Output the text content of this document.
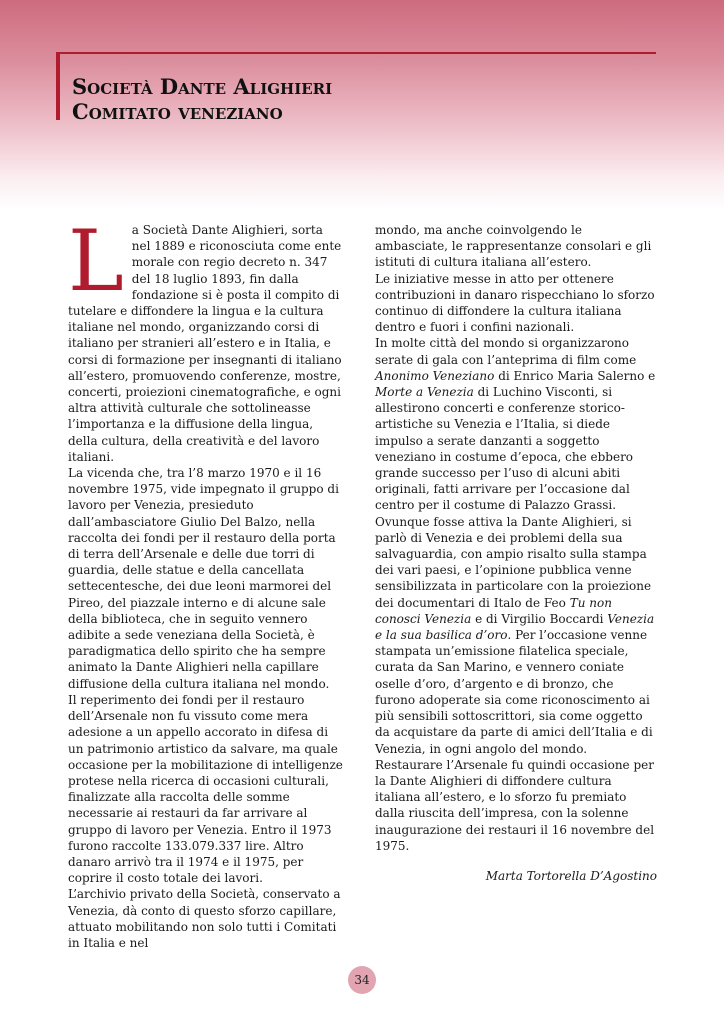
Società Dante Alighieri
Comitato veneziano

La Società Dante Alighieri, sorta nel 1889 e riconosciuta come ente morale con regio decreto n. 347 del 18 luglio 1893, fin dalla fondazione si è posta il compito di tutelare e diffondere la lingua e la cultura italiane nel mondo, organizzando corsi di italiano per stranieri all’estero e in Italia, e corsi di formazione per insegnanti di italiano all’estero, promuovendo conferenze, mostre, concerti, proiezioni cinematografiche, e ogni altra attività culturale che sottolineasse l’importanza e la diffusione della lingua, della cultura, della creatività e del lavoro italiani.

La vicenda che, tra l’8 marzo 1970 e il 16 novembre 1975, vide impegnato il gruppo di lavoro per Venezia, presieduto dall’ambasciatore Giulio Del Balzo, nella raccolta dei fondi per il restauro della porta di terra dell’Arsenale e delle due torri di guardia, delle statue e della cancellata settecentesche, dei due leoni marmorei del Pireo, del piazzale interno e di alcune sale della biblioteca, che in seguito vennero adibite a sede veneziana della Società, è paradigmatica dello spirito che ha sempre animato la Dante Alighieri nella capillare diffusione della cultura italiana nel mondo.

Il reperimento dei fondi per il restauro dell’Arsenale non fu vissuto come mera adesione a un appello accorato in difesa di un patrimonio artistico da salvare, ma quale occasione per la mobilitazione di intelligenze protese nella ricerca di occasioni culturali, finalizzate alla raccolta delle somme necessarie ai restauri da far arrivare al gruppo di lavoro per Venezia. Entro il 1973 furono raccolte 133.079.337 lire. Altro danaro arrivò tra il 1974 e il 1975, per coprire il costo totale dei lavori.

L’archivio privato della Società, conservato a Venezia, dà conto di questo sforzo capillare, attuato mobilitando non solo tutti i Comitati in Italia e nel

mondo, ma anche coinvolgendo le ambasciate, le rappresentanze consolari e gli istituti di cultura italiana all’estero.

Le iniziative messe in atto per ottenere contribuzioni in danaro rispecchiano lo sforzo continuo di diffondere la cultura italiana dentro e fuori i confini nazionali.

In molte città del mondo si organizzarono serate di gala con l’anteprima di film come Anonimo Veneziano di Enrico Maria Salerno e Morte a Venezia di Luchino Visconti, si allestirono concerti e conferenze storico-artistiche su Venezia e l’Italia, si diede impulso a serate danzanti a soggetto veneziano in costume d’epoca, che ebbero grande successo per l’uso di alcuni abiti originali, fatti arrivare per l’occasione dal centro per il costume di Palazzo Grassi. Ovunque fosse attiva la Dante Alighieri, si parlò di Venezia e dei problemi della sua salvaguardia, con ampio risalto sulla stampa dei vari paesi, e l’opinione pubblica venne sensibilizzata in particolare con la proiezione dei documentari di Italo de Feo Tu non conosci Venezia e di Virgilio Boccardi Venezia e la sua basilica d’oro. Per l’occasione venne stampata un’emissione filatelica speciale, curata da San Marino, e vennero coniate oselle d’oro, d’argento e di bronzo, che furono adoperate sia come riconoscimento ai più sensibili sottoscrittori, sia come oggetto da acquistare da parte di amici dell’Italia e di Venezia, in ogni angolo del mondo.

Restaurare l’Arsenale fu quindi occasione per la Dante Alighieri di diffondere cultura italiana all’estero, e lo sforzo fu premiato dalla riuscita dell’impresa, con la solenne inaugurazione dei restauri il 16 novembre del 1975.

Marta Tortorella D’Agostino

34
